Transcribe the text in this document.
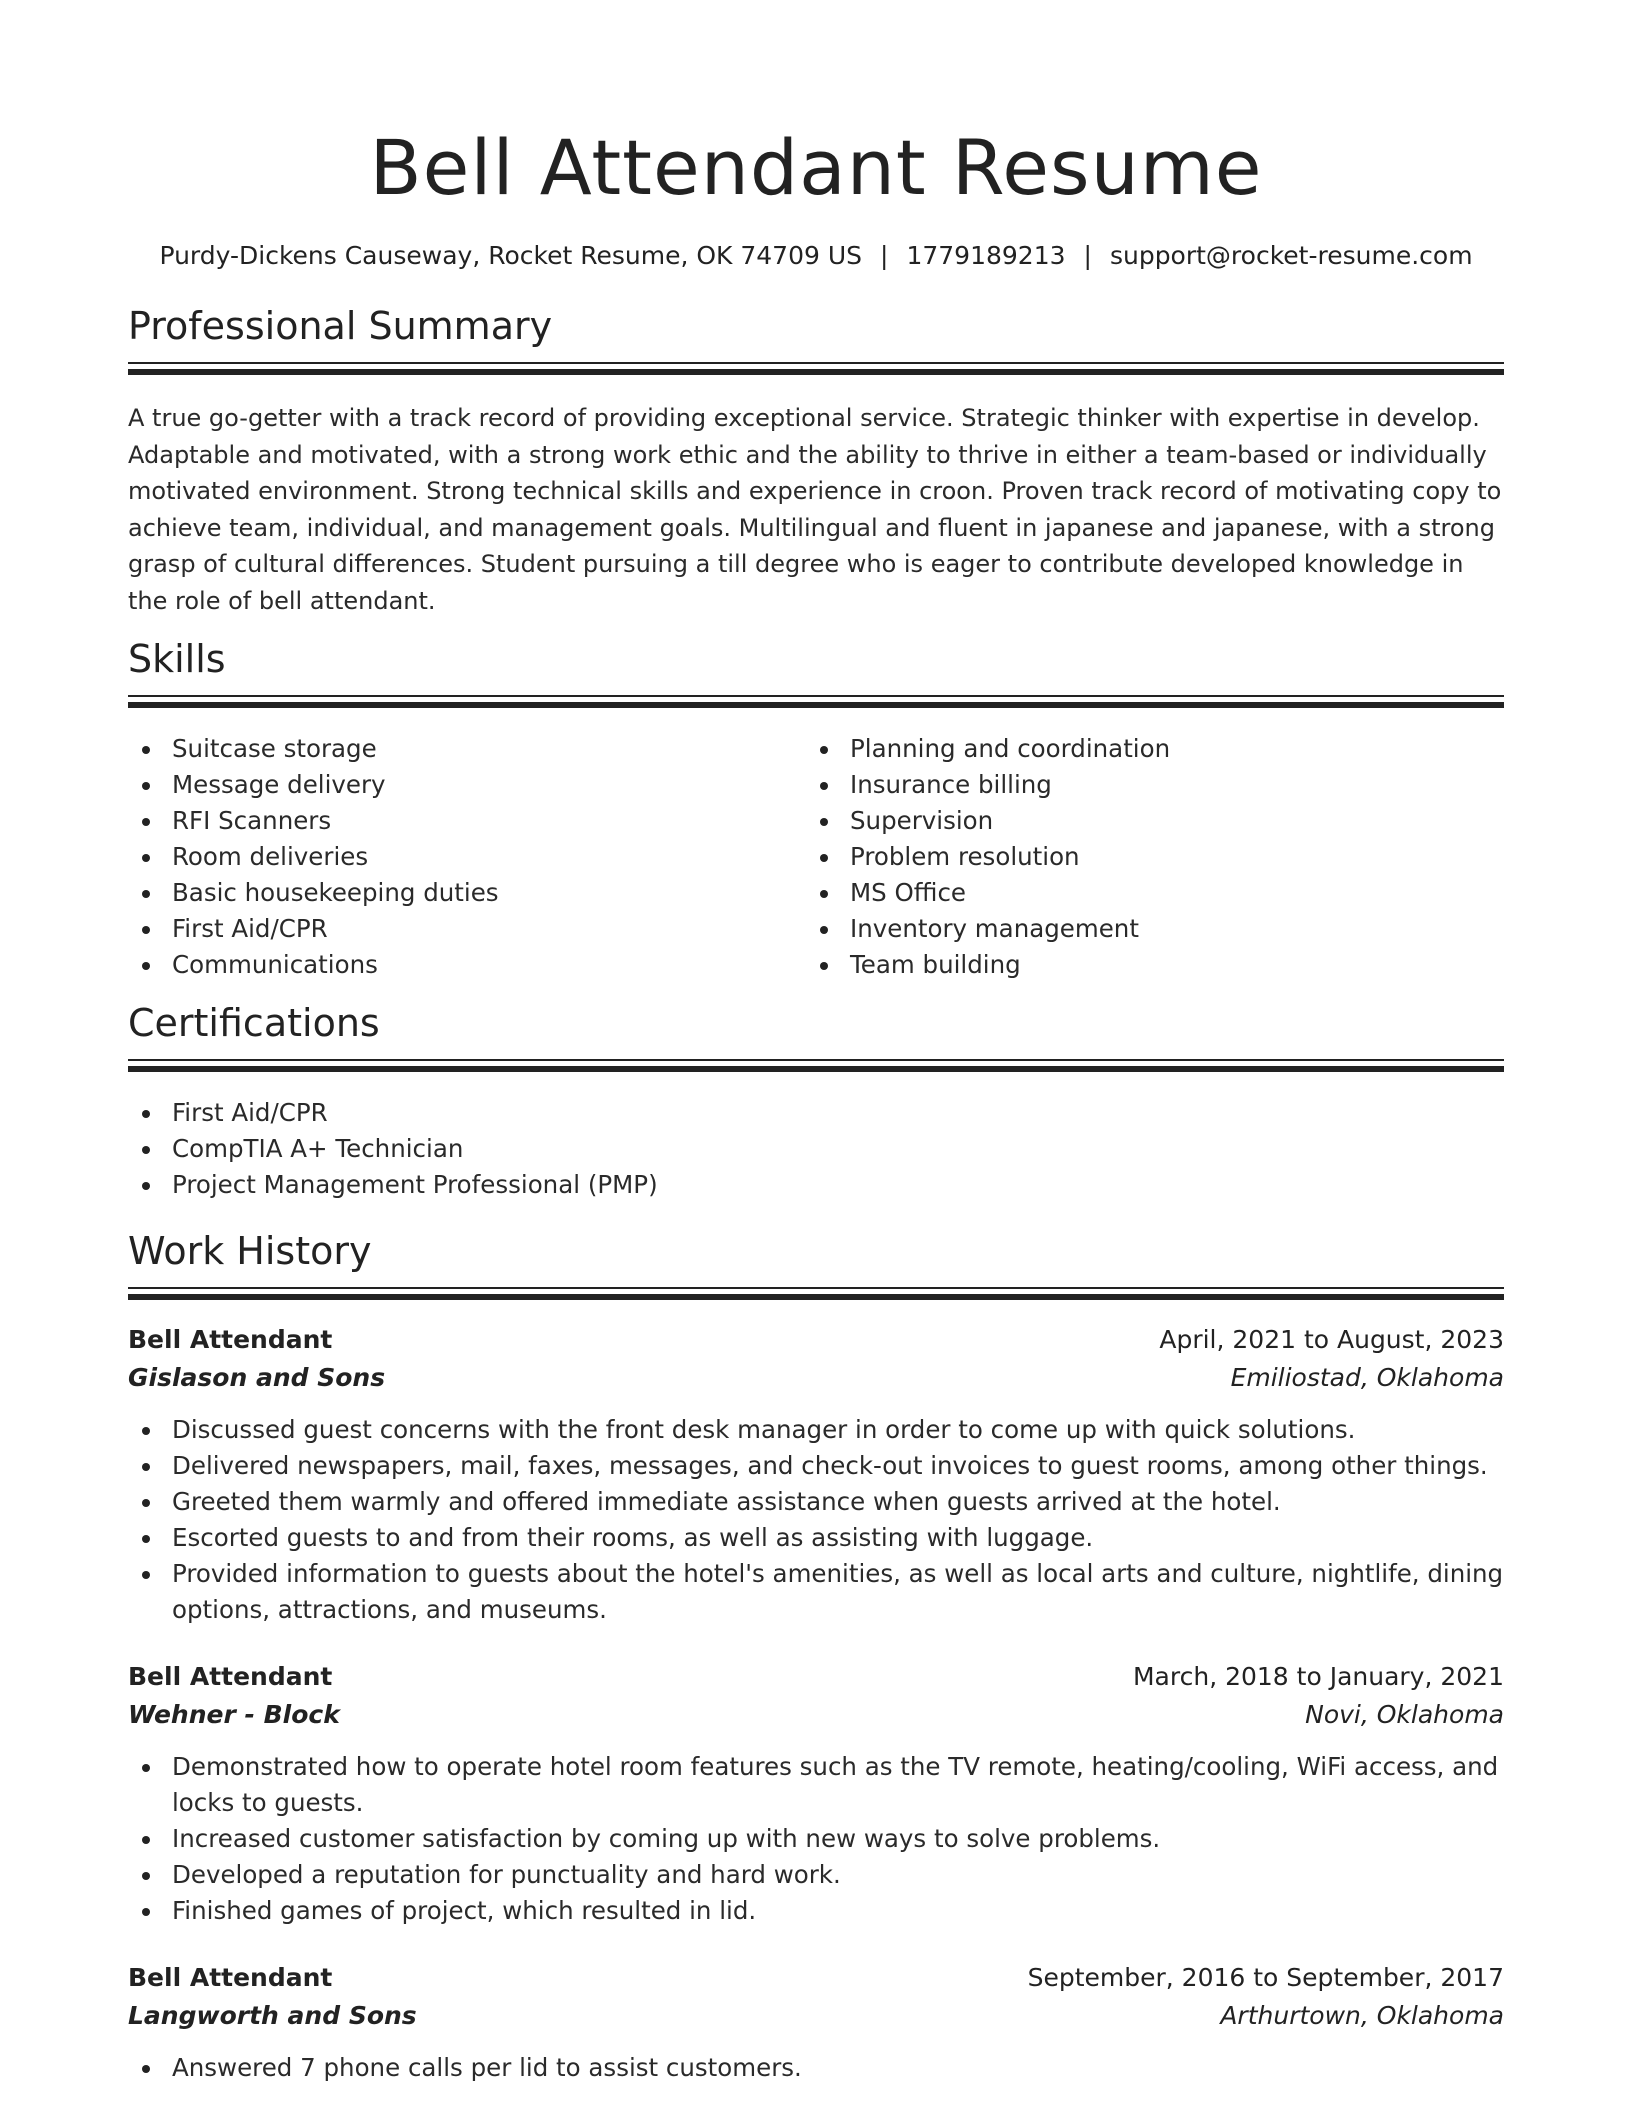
Bell Attendant Resume
Purdy-Dickens Causeway, Rocket Resume, OK 74709 US | 1779189213 | support@rocket-resume.com
Professional Summary

A true go-getter with a track record of providing exceptional service. Strategic thinker with expertise in develop. Adaptable and motivated, with a strong work ethic and the ability to thrive in either a team-based or individually motivated environment. Strong technical skills and experience in croon. Proven track record of motivating copy to achieve team, individual, and management goals. Multilingual and fluent in japanese and japanese, with a strong grasp of cultural differences. Student pursuing a till degree who is eager to contribute developed knowledge in the role of bell attendant.

Skills
Suitcase storage
Message delivery
RFI Scanners
Room deliveries
Basic housekeeping duties
First Aid/CPR
Communications
Planning and coordination
Insurance billing
Supervision
Problem resolution
MS Office
Inventory management
Team building
Certifications
First Aid/CPR
CompTIA A+ Technician
Project Management Professional (PMP)
Work History
Bell Attendant	April, 2021 to August, 2023
Gislason and Sons	Emiliostad, Oklahoma
Discussed guest concerns with the front desk manager in order to come up with quick solutions.
Delivered newspapers, mail, faxes, messages, and check-out invoices to guest rooms, among other things.
Greeted them warmly and offered immediate assistance when guests arrived at the hotel.
Escorted guests to and from their rooms, as well as assisting with luggage.
Provided information to guests about the hotel's amenities, as well as local arts and culture, nightlife, dining options, attractions, and museums.
Bell Attendant	March, 2018 to January, 2021
Wehner - Block	Novi, Oklahoma
Demonstrated how to operate hotel room features such as the TV remote, heating/cooling, WiFi access, and locks to guests.
Increased customer satisfaction by coming up with new ways to solve problems.
Developed a reputation for punctuality and hard work.
Finished games of project, which resulted in lid.
Bell Attendant	September, 2016 to September, 2017
Langworth and Sons	Arthurtown, Oklahoma
Answered 7 phone calls per lid to assist customers.
